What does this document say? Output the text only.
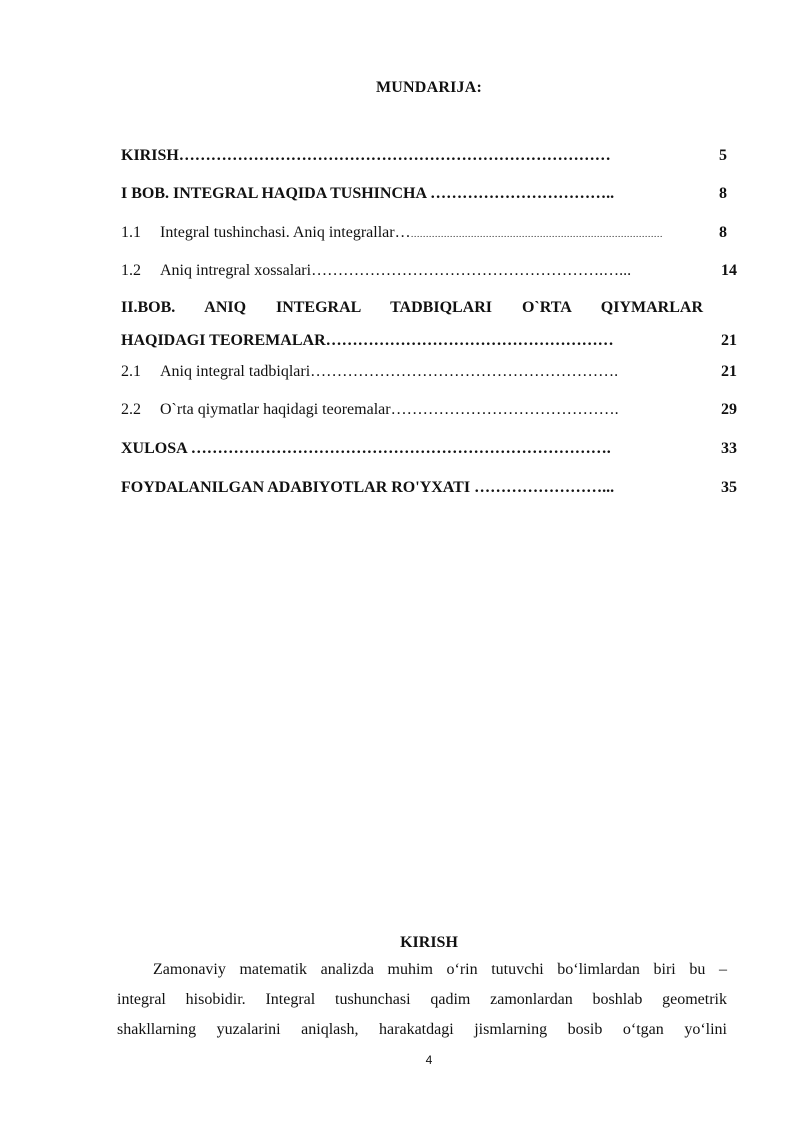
MUNDARIJA:
KIRISH………………………………………………………………………	5
I BOB. INTEGRAL HAQIDA TUSHINCHA ……………………………..	8
1.1 Integral tushinchasi. Aniq integrallar……………………………………………………………………………	8
1.2 Aniq intregral xossalari……………………………………………….…...	14
II.BOB. ANIQ INTEGRAL TADBIQLARI O`RTA QIYMARLAR
HAQIDAGI TEOREMALAR………………………………………………	21
2.1 Aniq integral tadbiqlari………………………………………………….	21
2.2 O`rta qiymatlar haqidagi teoremalar…………………………………….	29
XULOSA …………………………………………………………………….	33
FOYDALANILGAN ADABIYOTLAR RO'YXATI ……………………...	35
KIRISH
Zamonaviy matematik analizda muhim o‘rin tutuvchi bo‘limlardan biri bu –
integral hisobidir. Integral tushunchasi qadim zamonlardan boshlab geometrik
shakllarning yuzalarini aniqlash, harakatdagi jismlarning bosib o‘tgan yo‘lini
4
